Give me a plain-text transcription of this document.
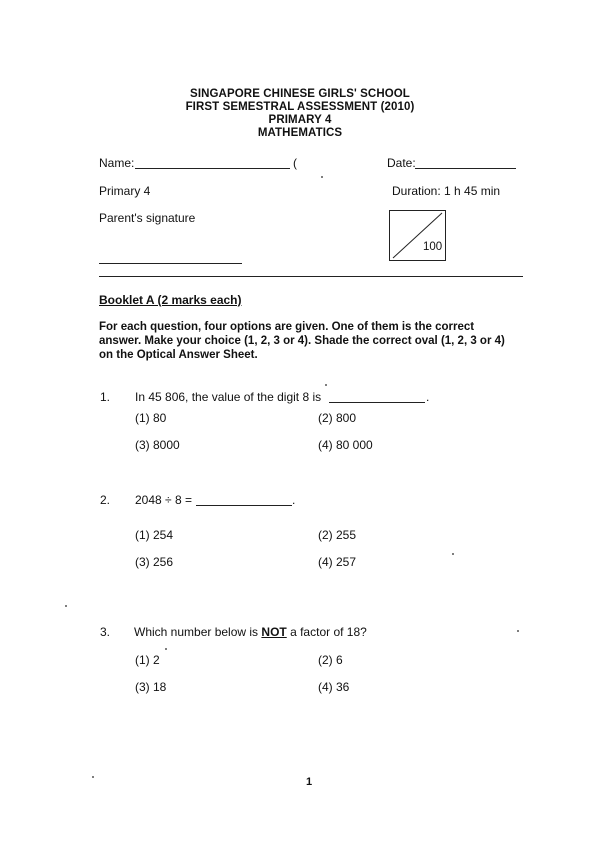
SINGAPORE CHINESE GIRLS' SCHOOL
FIRST SEMESTRAL ASSESSMENT (2010)
PRIMARY 4
MATHEMATICS
Name:	(	Date:
Primary 4	Duration: 1 h 45 min
Parent's signature
100
Booklet A (2 marks each)
For each question, four options are given. One of them is the correct answer. Make your choice (1, 2, 3 or 4). Shade the correct oval (1, 2, 3 or 4) on the Optical Answer Sheet.
1. In 45 806, the value of the digit 8 is	.
(1) 80	(2) 800
(3) 8000	(4) 80 000
2. 2048 ÷ 8 =	.
(1) 254	(2) 255
(3) 256	(4) 257
3. Which number below is NOT a factor of 18?
(1) 2	(2) 6
(3) 18	(4) 36
1
